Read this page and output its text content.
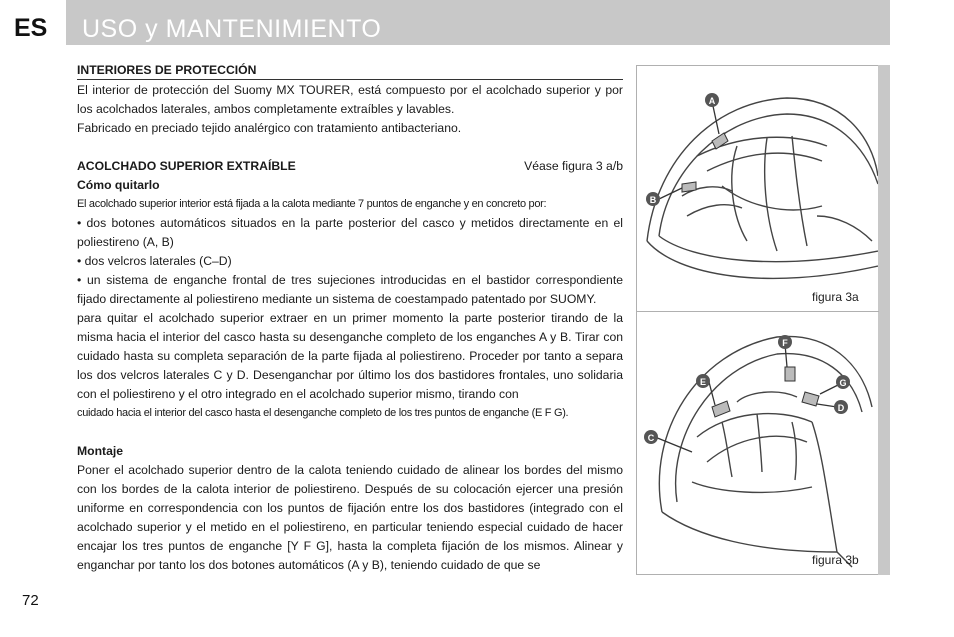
ES USO y MANTENIMIENTO
INTERIORES DE PROTECCIÓN
El interior de protección del Suomy MX TOURER, está compuesto por el acolchado superior y por los acolchados laterales, ambos completamente extraíbles y lavables.
Fabricado en preciado tejido analérgico con tratamiento antibacteriano.
ACOLCHADO SUPERIOR EXTRAÍBLE	Véase figura 3 a/b
Cómo quitarlo
El acolchado superior interior está fijada a la calota mediante 7 puntos de enganche y en concreto por:
• dos botones automáticos situados en la parte posterior del casco y metidos directamente en el poliestireno (A, B)
• dos velcros laterales (C–D)
• un sistema de enganche frontal de tres sujeciones introducidas en el bastidor correspondiente fijado directamente al poliestireno mediante un sistema de coestampado patentado por SUOMY.
para quitar el acolchado superior extraer en un primer momento la parte posterior tirando de la misma hacia el interior del casco hasta su desenganche completo de los enganches A y B. Tirar con cuidado hasta su completa separación de la parte fijada al poliestireno. Proceder por tanto a separa los dos velcros laterales C y D. Desenganchar por último los dos bastidores frontales, uno solidaria con el poliestireno y el otro integrado en el acolchado superior mismo, tirando con
cuidado hacia el interior del casco hasta el desenganche completo de los tres puntos de enganche (E F G).
Montaje
Poner el acolchado superior dentro de la calota teniendo cuidado de alinear los bordes del mismo con los bordes de la calota interior de poliestireno. Después de su colocación ejercer una presión uniforme en correspondencia con los puntos de fijación entre los dos bastidores (integrado con el acolchado superior y el metido en el poliestireno, en particular teniendo especial cuidado de hacer encajar los tres puntos de enganche [Y F G], hasta la completa fijación de los mismos. Alinear y enganchar por tanto los dos botones automáticos (A y B), teniendo cuidado de que se
72
A
B
figura 3a
F
E	G
D
C
figura 3b
